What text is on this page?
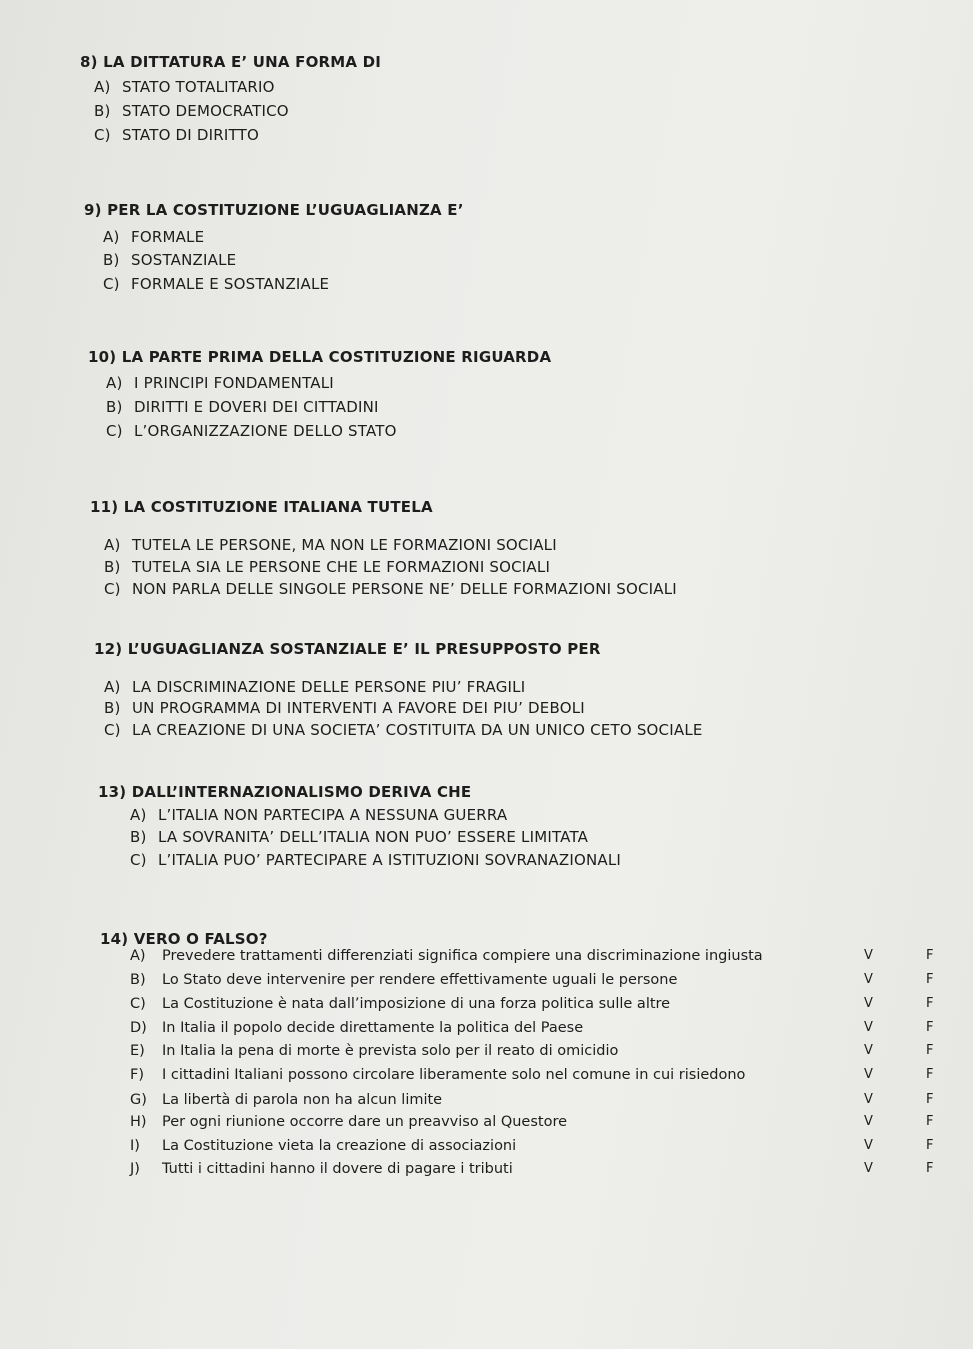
8) LA DITTATURA E’ UNA FORMA DI
A) STATO TOTALITARIO
B) STATO DEMOCRATICO
C) STATO DI DIRITTO
9) PER LA COSTITUZIONE L’UGUAGLIANZA E’
A) FORMALE
B) SOSTANZIALE
C) FORMALE E SOSTANZIALE
10) LA PARTE PRIMA DELLA COSTITUZIONE RIGUARDA
A) I PRINCIPI FONDAMENTALI
B) DIRITTI E DOVERI DEI CITTADINI
C) L’ORGANIZZAZIONE DELLO STATO
11) LA COSTITUZIONE ITALIANA TUTELA
A) TUTELA LE PERSONE, MA NON LE FORMAZIONI SOCIALI
B) TUTELA SIA LE PERSONE CHE LE FORMAZIONI SOCIALI
C) NON PARLA DELLE SINGOLE PERSONE NE’ DELLE FORMAZIONI SOCIALI
12) L’UGUAGLIANZA SOSTANZIALE E’ IL PRESUPPOSTO PER
A) LA DISCRIMINAZIONE DELLE PERSONE PIU’ FRAGILI
B) UN PROGRAMMA DI INTERVENTI A FAVORE DEI PIU’ DEBOLI
C) LA CREAZIONE DI UNA SOCIETA’ COSTITUITA DA UN UNICO CETO SOCIALE
13) DALL’INTERNAZIONALISMO DERIVA CHE
A) L’ITALIA NON PARTECIPA A NESSUNA GUERRA
B) LA SOVRANITA’ DELL’ITALIA NON PUO’ ESSERE LIMITATA
C) L’ITALIA PUO’ PARTECIPARE A ISTITUZIONI SOVRANAZIONALI
14) VERO O FALSO?
A) Prevedere trattamenti differenziati significa compiere una discriminazione ingiusta	V	F
B) Lo Stato deve intervenire per rendere effettivamente uguali le persone	V	F
C) La Costituzione è nata dall’imposizione di una forza politica sulle altre	V	F
D) In Italia il popolo decide direttamente la politica del Paese	V	F
E) In Italia la pena di morte è prevista solo per il reato di omicidio	V	F
F) I cittadini Italiani possono circolare liberamente solo nel comune in cui risiedono	V	F
G) La libertà di parola non ha alcun limite	V	F
H) Per ogni riunione occorre dare un preavviso al Questore	V	F
I) La Costituzione vieta la creazione di associazioni	V	F
J) Tutti i cittadini hanno il dovere di pagare i tributi	V	F
